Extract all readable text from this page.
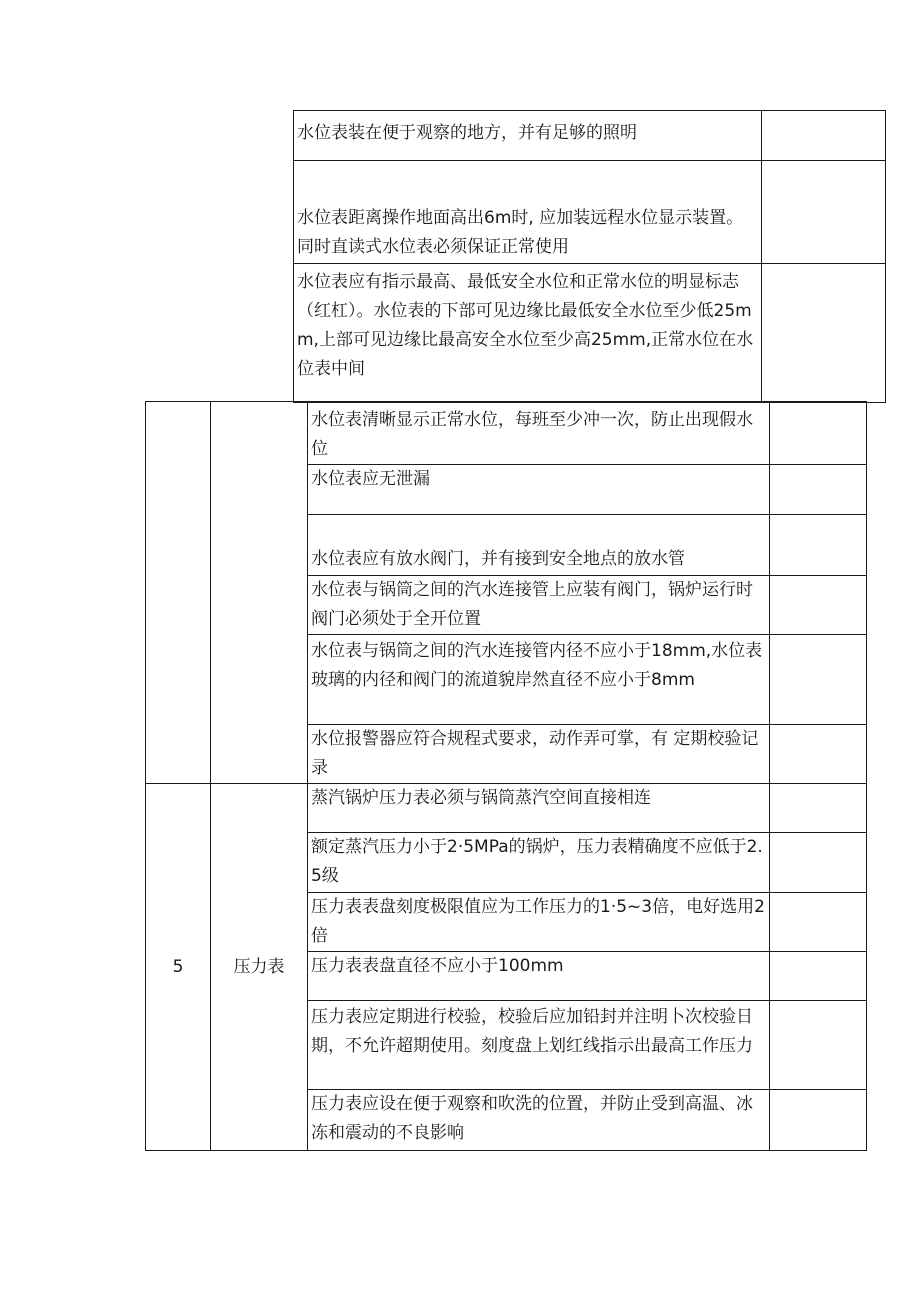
水位表装在便于观察的地方，并有足够的照明	
水位表距离操作地面高出6m时, 应加装远程水位显示装置。同时直读式水位表必须保证正常使用	
水位表应有指示最高、最低安全水位和正常水位的明显标志（红杠）。水位表的下部可见边缘比最低安全水位至少低25mm,上部可见边缘比最高安全水位至少高25mm,正常水位在水位表中间	
		水位表清晰显示正常水位，每班至少冲一次，防止出现假水位	
		水位表应无泄漏	
		水位表应有放水阀门，并有接到安全地点的放水管	
		水位表与锅筒之间的汽水连接管上应装有阀门，锅炉运行时阀门必须处于全开位置	
		水位表与锅筒之间的汽水连接管内径不应小于18mm,水位表玻璃的内径和阀门的流道貌岸然直径不应小于8mm	
		水位报警器应符合规程式要求，动作弄可掌，有 定期校验记录	
5	压力表	蒸汽锅炉压力表必须与锅筒蒸汽空间直接相连	
		额定蒸汽压力小于2·5MPa的锅炉，压力表精确度不应低于2.5级	
		压力表表盘刻度极限值应为工作压力的1·5~3倍，电好选用2倍	
		压力表表盘直径不应小于100mm	
		压力表应定期进行校验，校验后应加铅封并注明卜次校验日期，不允许超期使用。刻度盘上划红线指示出最高工作压力	
		压力表应设在便于观察和吹洗的位置，并防止受到高温、冰冻和震动的不良影响	
